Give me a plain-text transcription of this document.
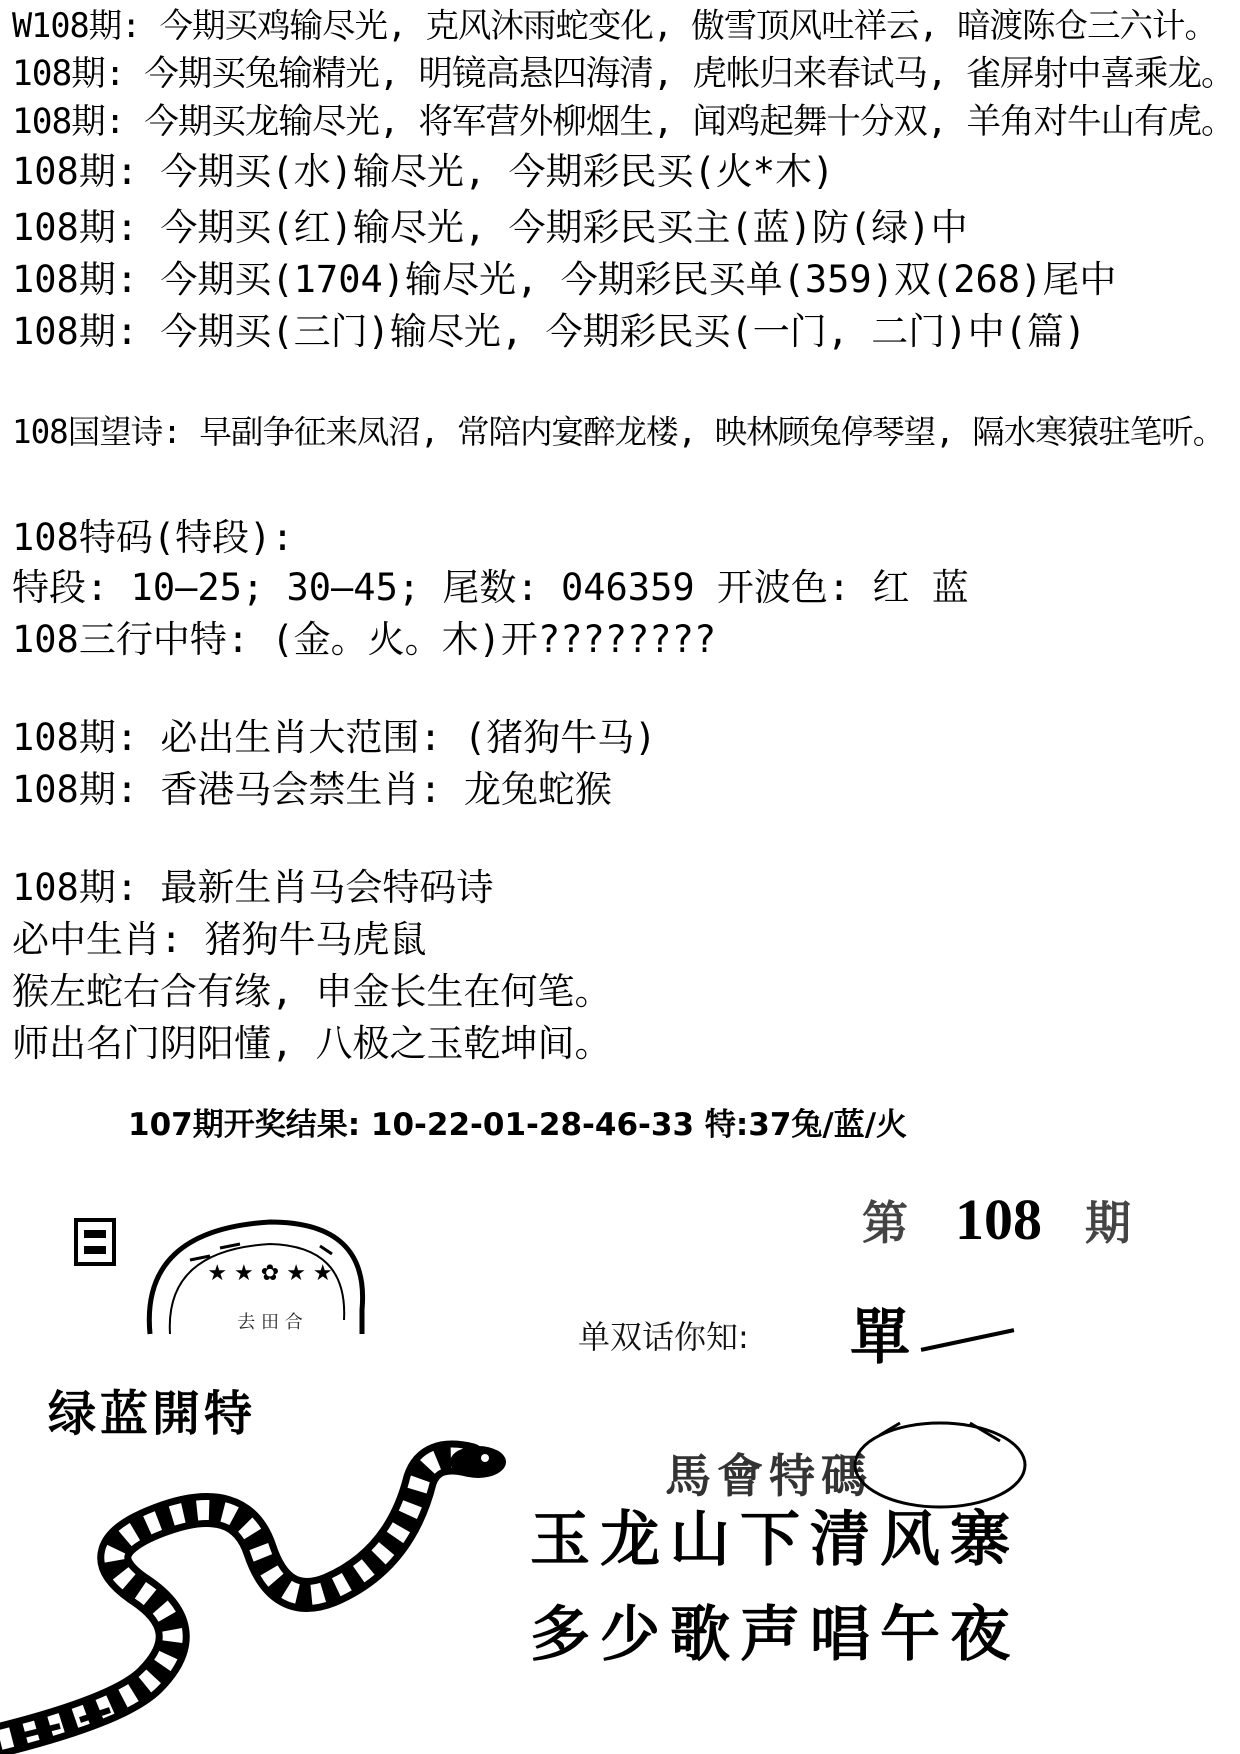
W108期: 今期买鸡输尽光, 克风沐雨蛇变化, 傲雪顶风吐祥云, 暗渡陈仓三六计。
108期: 今期买兔输精光, 明镜高悬四海清, 虎帐归来春试马, 雀屏射中喜乘龙。
108期: 今期买龙输尽光, 将军营外柳烟生, 闻鸡起舞十分双, 羊角对牛山有虎。
108期: 今期买(水)输尽光, 今期彩民买(火*木)
108期: 今期买(红)输尽光, 今期彩民买主(蓝)防(绿)中
108期: 今期买(1704)输尽光, 今期彩民买单(359)双(268)尾中
108期: 今期买(三门)输尽光, 今期彩民买(一门, 二门)中(篇)
108国望诗: 早副争征来凤沼, 常陪内宴醉龙楼, 映林顾兔停琴望, 隔水寒猿驻笔听。
108特码(特段):
特段: 10—25; 30—45; 尾数: 046359 开波色: 红 蓝
108三行中特: (金。火。木)开????????
108期: 必出生肖大范围: (猪狗牛马)
108期: 香港马会禁生肖: 龙兔蛇猴
108期: 最新生肖马会特码诗
必中生肖: 猪狗牛马虎鼠
猴左蛇右合有缘, 申金长生在何笔。
师出名门阴阳懂, 八极之玉乾坤间。
107期开奖结果: 10-22-01-28-46-33 特:37兔/蓝/火
★ ★ ✿ ★ ★
去 田 合
第 108 期
单双话你知: 單
绿蓝開特
馬會特碼
玉龙山下清风寨
多少歌声唱午夜
